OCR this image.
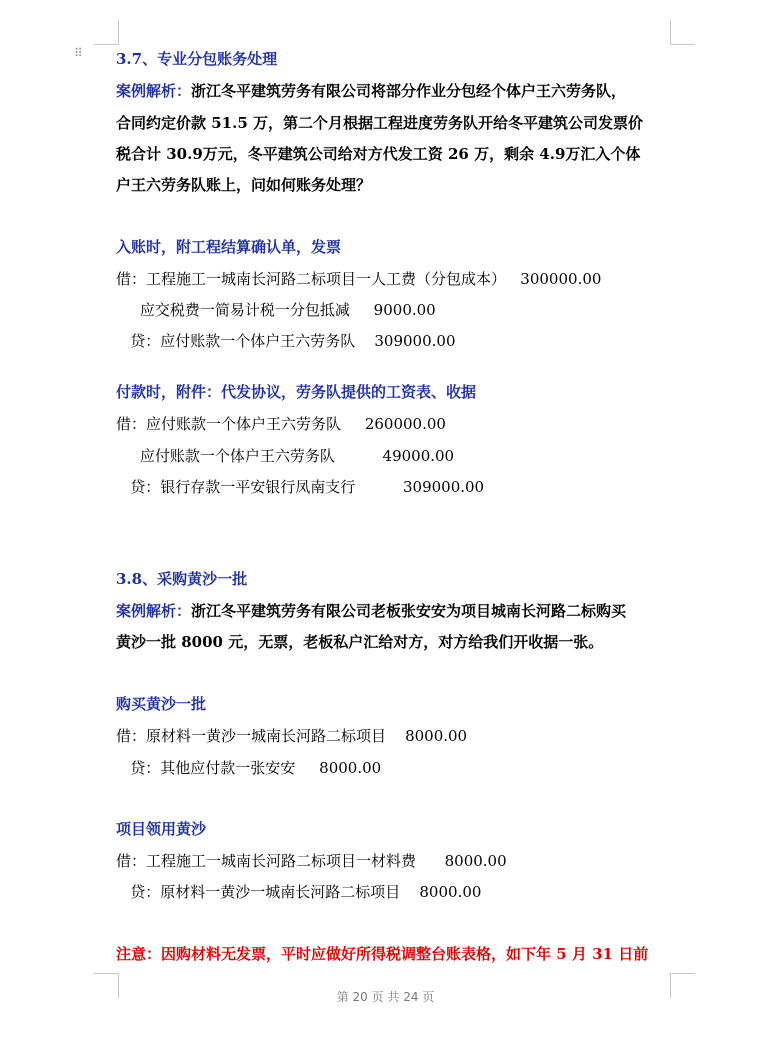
⠿ 3.7、专业分包账务处理
案例解析：浙江冬平建筑劳务有限公司将部分作业分包经个体户王六劳务队，
合同约定价款 51.5 万，第二个月根据工程进度劳务队开给冬平建筑公司发票价
税合计 30.9万元，冬平建筑公司给对方代发工资 26 万，剩余 4.9万汇入个体
户王六劳务队账上，问如何账务处理？
入账时，附工程结算确认单，发票
借：工程施工一城南长河路二标项目一人工费（分包成本）   300000.00
应交税费一简易计税一分包抵减     9000.00
贷：应付账款一个体户王六劳务队    309000.00
付款时，附件：代发协议，劳务队提供的工资表、收据
借：应付账款一个体户王六劳务队     260000.00
应付账款一个体户王六劳务队          49000.00
贷：银行存款一平安银行凤南支行          309000.00
3.8、采购黄沙一批
案例解析：浙江冬平建筑劳务有限公司老板张安安为项目城南长河路二标购买
黄沙一批 8000 元，无票，老板私户汇给对方，对方给我们开收据一张。
购买黄沙一批
借：原材料一黄沙一城南长河路二标项目    8000.00
贷：其他应付款一张安安     8000.00
项目领用黄沙
借：工程施工一城南长河路二标项目一材料费      8000.00
贷：原材料一黄沙一城南长河路二标项目    8000.00
注意：因购材料无发票，平时应做好所得税调整台账表格，如下年 5 月 31 日前
第 20 页 共 24 页
